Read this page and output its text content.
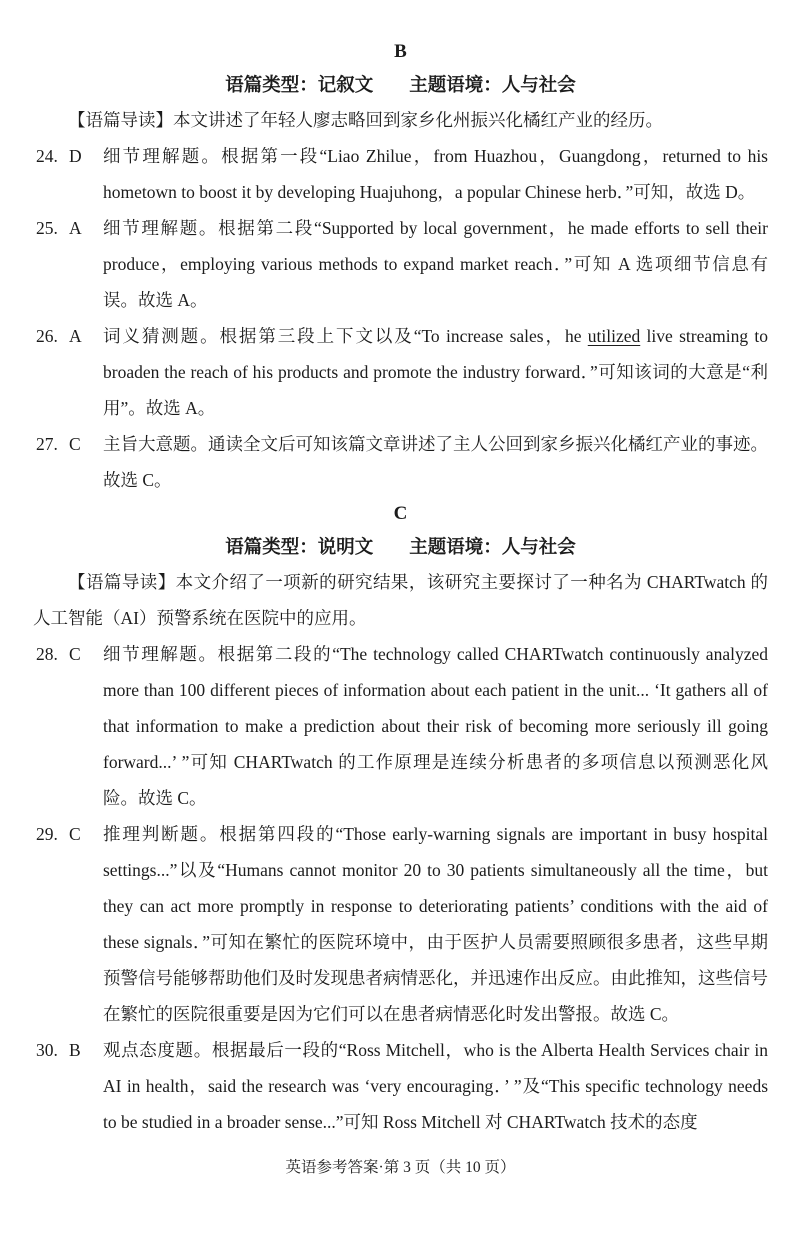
B
语篇类型：记叙文 主题语境：人与社会

【语篇导读】本文讲述了年轻人廖志略回到家乡化州振兴化橘红产业的经历。

24. D 细节理解题。根据第一段“Liao Zhilue，from Huazhou，Guangdong，returned to his hometown to boost it by developing Huajuhong，a popular Chinese herb．”可知，故选 D。
25. A 细节理解题。根据第二段“Supported by local government，he made efforts to sell their produce，employing various methods to expand market reach．”可知 A 选项细节信息有误。故选 A。
26. A 词义猜测题。根据第三段上下文以及“To increase sales，he utilized live streaming to broaden the reach of his products and promote the industry forward．”可知该词的大意是“利用”。故选 A。
27. C 主旨大意题。通读全文后可知该篇文章讲述了主人公回到家乡振兴化橘红产业的事迹。故选 C。
C
语篇类型：说明文 主题语境：人与社会

【语篇导读】本文介绍了一项新的研究结果，该研究主要探讨了一种名为 CHARTwatch 的人工智能（AI）预警系统在医院中的应用。

28. C 细节理解题。根据第二段的“The technology called CHARTwatch continuously analyzed more than 100 different pieces of information about each patient in the unit... ‘It gathers all of that information to make a prediction about their risk of becoming more seriously ill going forward...’ ”可知 CHARTwatch 的工作原理是连续分析患者的多项信息以预测恶化风险。故选 C。
29. C 推理判断题。根据第四段的“Those early-warning signals are important in busy hospital settings...”以及“Humans cannot monitor 20 to 30 patients simultaneously all the time，but they can act more promptly in response to deteriorating patients’ conditions with the aid of these signals．”可知在繁忙的医院环境中，由于医护人员需要照顾很多患者，这些早期预警信号能够帮助他们及时发现患者病情恶化，并迅速作出反应。由此推知，这些信号在繁忙的医院很重要是因为它们可以在患者病情恶化时发出警报。故选 C。
30. B 观点态度题。根据最后一段的“Ross Mitchell，who is the Alberta Health Services chair in AI in health，said the research was ‘very encouraging．’ ”及“This specific technology needs to be studied in a broader sense...”可知 Ross Mitchell 对 CHARTwatch 技术的态度
英语参考答案·第 3 页（共 10 页）
